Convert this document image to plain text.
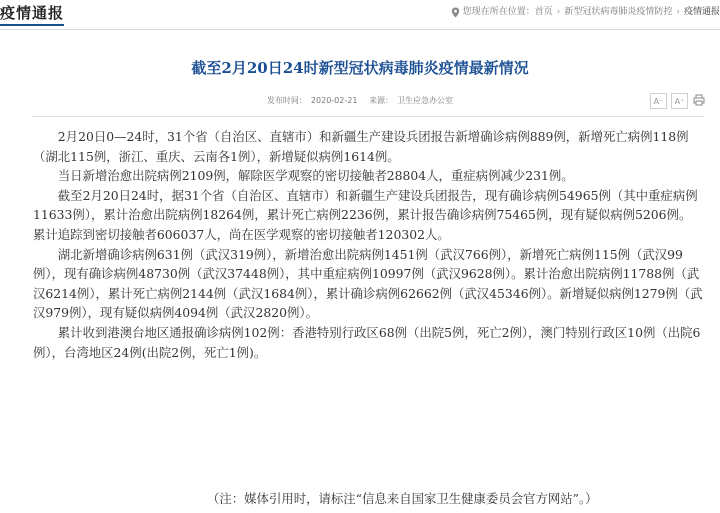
疫情通报	您现在所在位置： 首页 › 新型冠状病毒肺炎疫情防控 › 疫情通报
截至2月20日24时新型冠状病毒肺炎疫情最新情况
发布时间： 2020-02-21 来源： 卫生应急办公室	A⁻	A⁺

2月20日0—24时，31个省（自治区、直辖市）和新疆生产建设兵团报告新增确诊病例889例，新增死亡病例118例（湖北115例，浙江、重庆、云南各1例），新增疑似病例1614例。

当日新增治愈出院病例2109例，解除医学观察的密切接触者28804人，重症病例减少231例。

截至2月20日24时，据31个省（自治区、直辖市）和新疆生产建设兵团报告，现有确诊病例54965例（其中重症病例11633例），累计治愈出院病例18264例，累计死亡病例2236例，累计报告确诊病例75465例，现有疑似病例5206例。累计追踪到密切接触者606037人，尚在医学观察的密切接触者120302人。

湖北新增确诊病例631例（武汉319例），新增治愈出院病例1451例（武汉766例），新增死亡病例115例（武汉99例），现有确诊病例48730例（武汉37448例），其中重症病例10997例（武汉9628例）。累计治愈出院病例11788例（武汉6214例），累计死亡病例2144例（武汉1684例），累计确诊病例62662例（武汉45346例）。新增疑似病例1279例（武汉979例），现有疑似病例4094例（武汉2820例）。

累计收到港澳台地区通报确诊病例102例：香港特别行政区68例（出院5例，死亡2例），澳门特别行政区10例（出院6例），台湾地区24例(出院2例，死亡1例)。

（注：媒体引用时，请标注“信息来自国家卫生健康委员会官方网站”。）
